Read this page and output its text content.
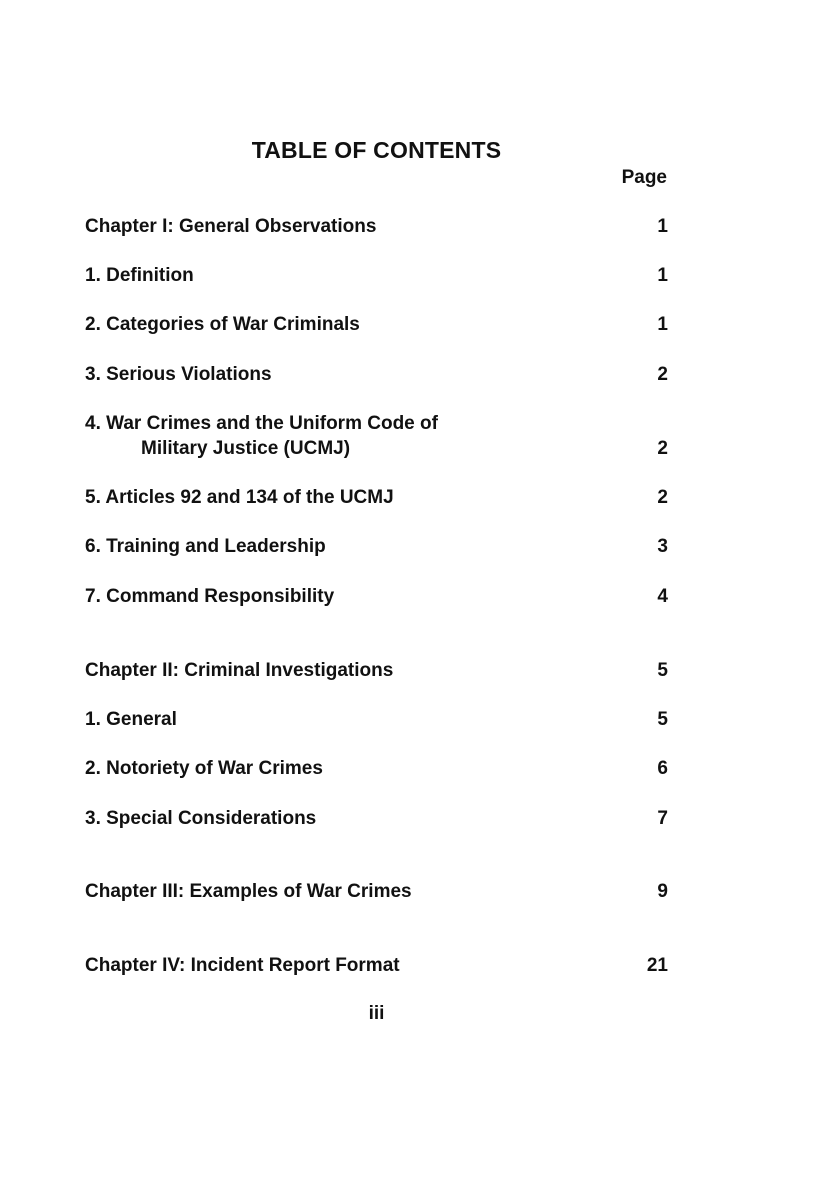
TABLE OF CONTENTS
Page
Chapter I: General Observations	1
1. Definition	1
2. Categories of War Criminals	1
3. Serious Violations	2
4. War Crimes and the Uniform Code of
Military Justice (UCMJ)	2
5. Articles 92 and 134 of the UCMJ	2
6. Training and Leadership	3
7. Command Responsibility	4
Chapter II: Criminal Investigations	5
1. General	5
2. Notoriety of War Crimes	6
3. Special Considerations	7
Chapter III: Examples of War Crimes	9
Chapter IV: Incident Report Format	21
iii
